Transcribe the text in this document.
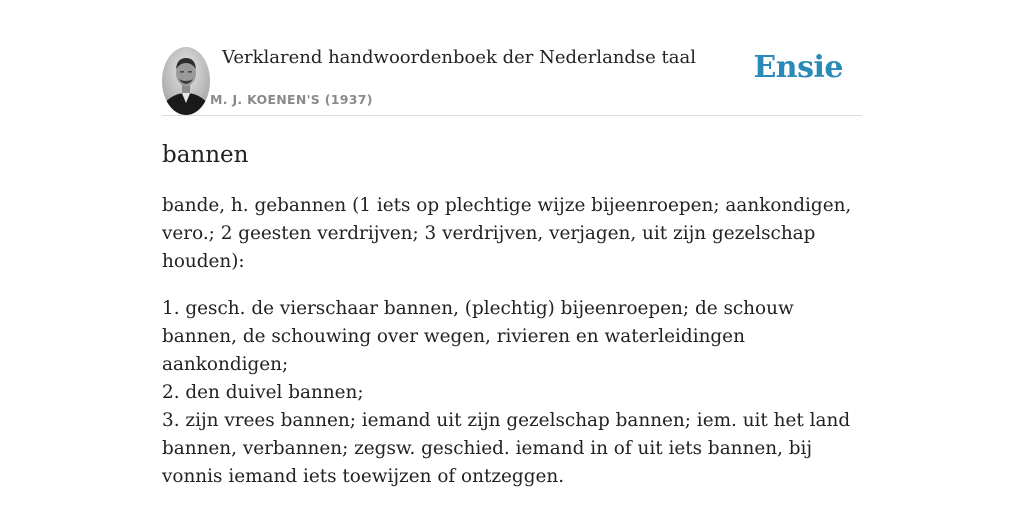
Verklarend handwoordenboek der Nederlandse taal
M. J. KOENEN'S (1937)
Ensie
bannen

bande, h. gebannen (1 iets op plechtige wijze bijeenroepen; aankondigen, vero.; 2 geesten verdrijven; 3 verdrijven, verjagen, uit zijn gezelschap houden):

1. gesch. de vierschaar bannen, (plechtig) bijeenroepen; de schouw bannen, de schouwing over wegen, rivieren en waterleidingen aankondigen;
2. den duivel bannen;
3. zijn vrees bannen; iemand uit zijn gezelschap bannen; iem. uit het land bannen, verbannen; zegsw. geschied. iemand in of uit iets bannen, bij vonnis iemand iets toewijzen of ontzeggen.
